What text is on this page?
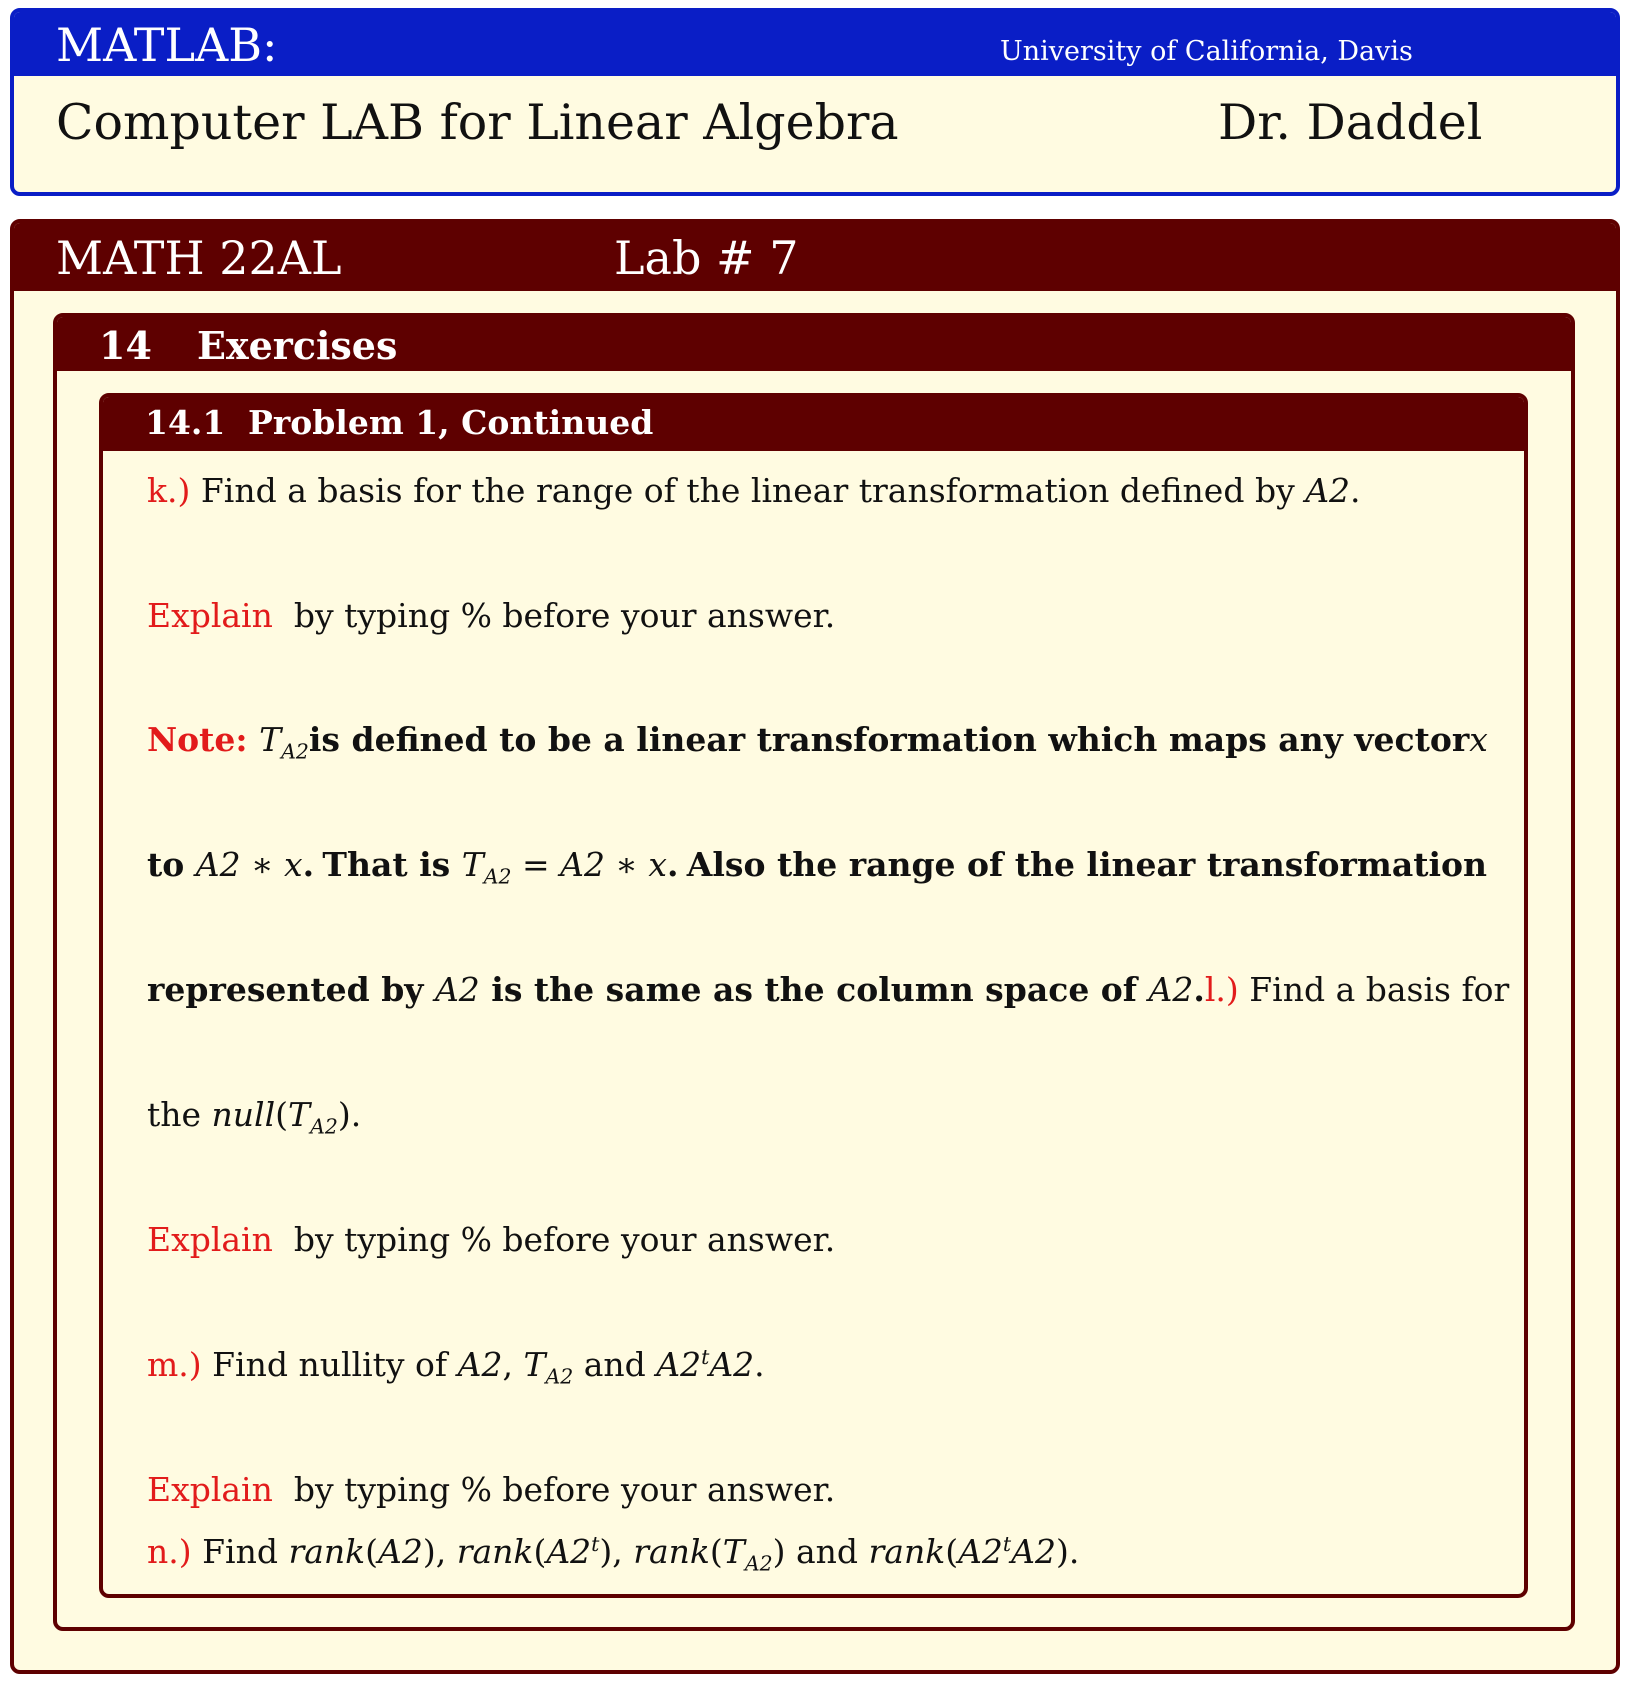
MATLAB:	University of California, Davis
Computer LAB for Linear Algebra	Dr. Daddel
MATH 22AL	Lab # 7
14 Exercises
14.1 Problem 1, Continued
k.) Find a basis for the range of the linear transformation defined by A2.
Explain by typing % before your answer.
Note: $T_{A2}$ is defined to be a linear transformation which maps any vector x
to A2 ∗ x. That is $T_{A2} = A2$ ∗ x. Also the range of the linear transformation
represented by A2 is the same as the column space of A2. l.) Find a basis for
the $null(T_{A2})$.
Explain by typing % before your answer.
m.) Find nullity of A2, $T_{A2}$ and A2$^t$A2.
Explain by typing % before your answer.
n.) Find rank(A2), rank(A2$^t$), $rank(T_{A2})$ and rank(A2$^t$A2).
